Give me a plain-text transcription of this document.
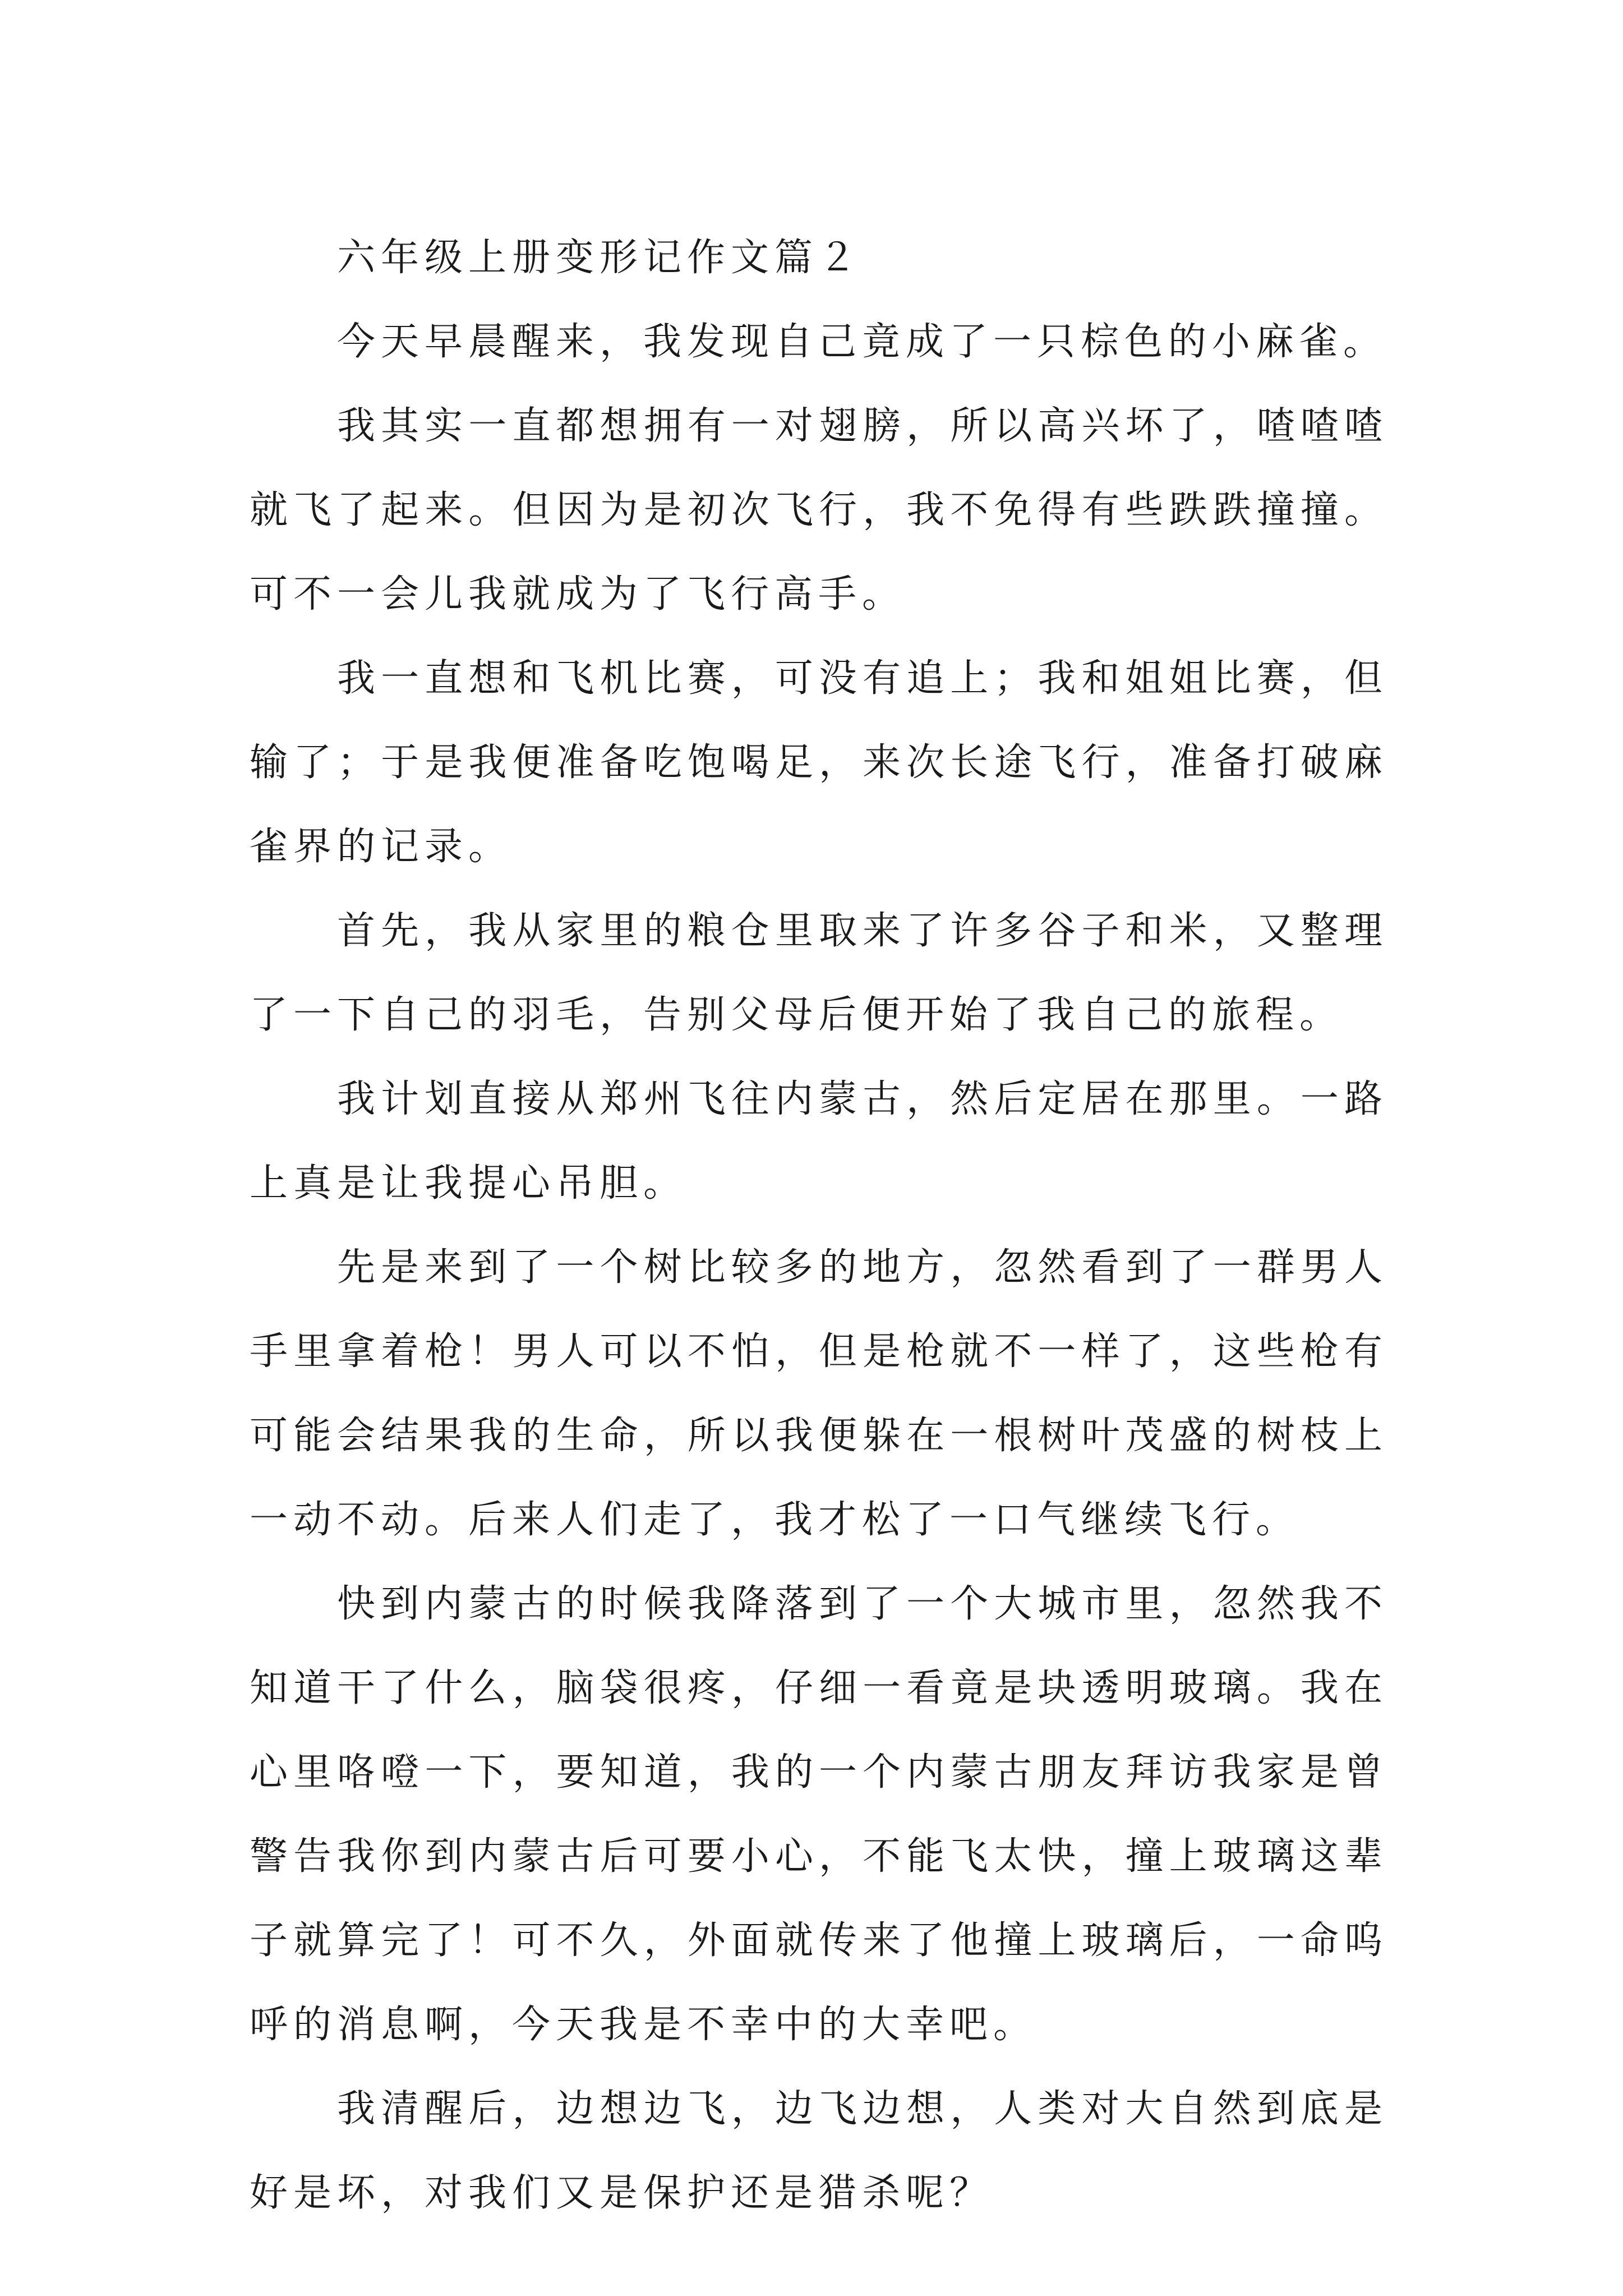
六年级上册变形记作文篇２

今天早晨醒来，我发现自己竟成了一只棕色的小麻雀。

我其实一直都想拥有一对翅膀，所以高兴坏了，喳喳喳就飞了起来。但因为是初次飞行，我不免得有些跌跌撞撞。可不一会儿我就成为了飞行高手。

我一直想和飞机比赛，可没有追上；我和姐姐比赛，但输了；于是我便准备吃饱喝足，来次长途飞行，准备打破麻雀界的记录。

首先，我从家里的粮仓里取来了许多谷子和米，又整理了一下自己的羽毛，告别父母后便开始了我自己的旅程。

我计划直接从郑州飞往内蒙古，然后定居在那里。一路上真是让我提心吊胆。

先是来到了一个树比较多的地方，忽然看到了一群男人手里拿着枪！男人可以不怕，但是枪就不一样了，这些枪有可能会结果我的生命，所以我便躲在一根树叶茂盛的树枝上一动不动。后来人们走了，我才松了一口气继续飞行。

快到内蒙古的时候我降落到了一个大城市里，忽然我不知道干了什么，脑袋很疼，仔细一看竟是块透明玻璃。我在心里咯噔一下，要知道，我的一个内蒙古朋友拜访我家是曾警告我你到内蒙古后可要小心，不能飞太快，撞上玻璃这辈子就算完了！可不久，外面就传来了他撞上玻璃后，一命呜呼的消息啊，今天我是不幸中的大幸吧。

我清醒后，边想边飞，边飞边想，人类对大自然到底是好是坏，对我们又是保护还是猎杀呢？
